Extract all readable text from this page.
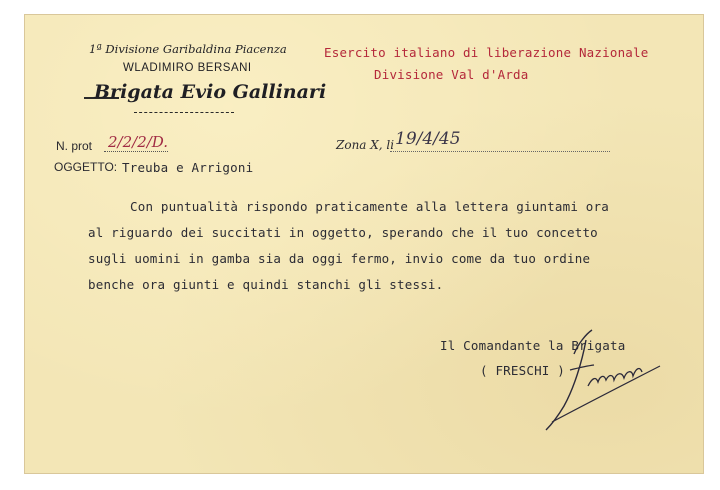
1ª Divisione Garibaldina Piacenza
WLADIMIRO BERSANI
Brigata Evio Gallinari
Esercito italiano di liberazione Nazionale
Divisione Val d'Arda
N. prot 2/2/2/D.
OGGETTO: Treuba e Arrigoni
Zona X, li 19/4/45
Con puntualità rispondo praticamente alla lettera giuntami ora
al riguardo dei succitati in oggetto, sperando che il tuo concetto
sugli uomini in gamba sia da oggi fermo, invio come da tuo ordine
benche ora giunti e quindi stanchi gli stessi.
Il Comandante la Brigata
( FRESCHI )
